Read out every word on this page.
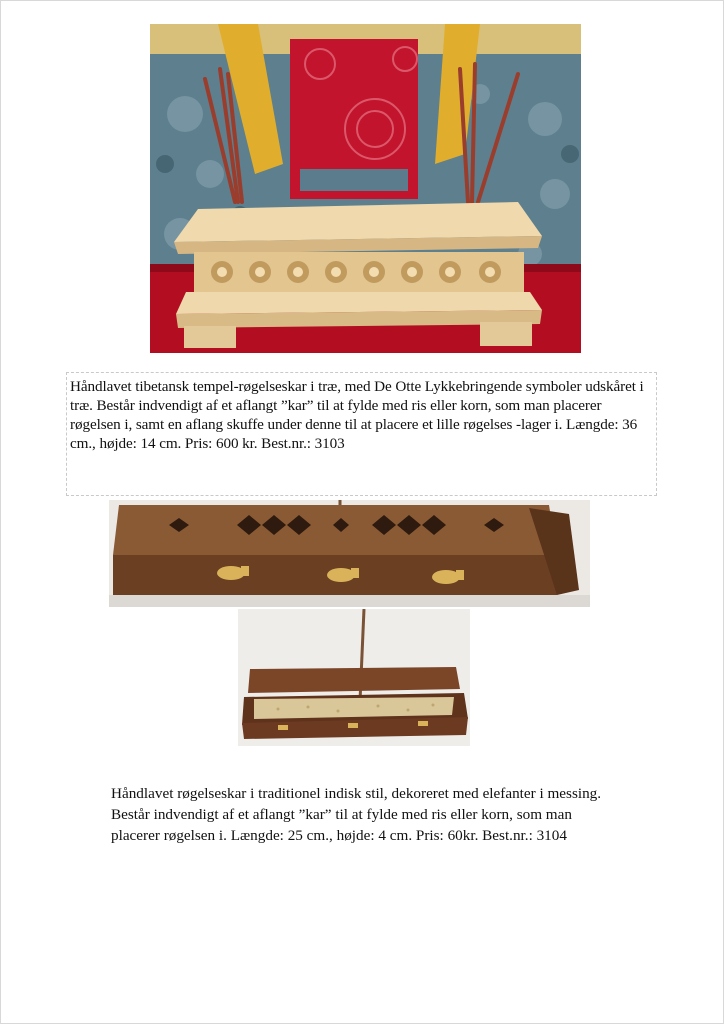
Håndlavet tibetansk tempel-røgelseskar i træ, med De Otte Lykkebringende symboler udskåret i træ. Består indvendigt af et aflangt ”kar” til at fylde med ris eller korn, som man placerer røgelsen i, samt en aflang skuffe under denne til at placere et lille røgelses -lager i. Længde: 36 cm., højde: 14 cm. Pris: 600 kr. Best.nr.: 3103
Håndlavet røgelseskar i traditionel indisk stil, dekoreret med elefanter i messing. Består indvendigt af et aflangt ”kar” til at fylde med ris eller korn, som man placerer røgelsen i. Længde: 25 cm., højde: 4 cm. Pris: 60kr. Best.nr.: 3104
